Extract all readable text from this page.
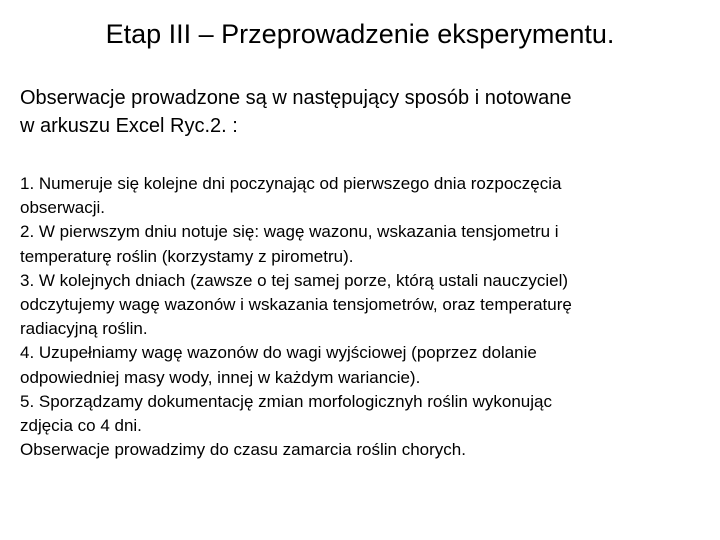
Etap III – Przeprowadzenie eksperymentu.
Obserwacje prowadzone są w następujący sposób i notowane
w arkuszu Excel Ryc.2. :
1. Numeruje się kolejne dni poczynając od pierwszego dnia rozpoczęcia
obserwacji.
2. W pierwszym dniu notuje się: wagę wazonu, wskazania tensjometru i
temperaturę roślin (korzystamy z pirometru).
3. W kolejnych dniach (zawsze o tej samej porze, którą ustali nauczyciel)
odczytujemy wagę wazonów i wskazania tensjometrów, oraz temperaturę
radiacyjną roślin.
4. Uzupełniamy wagę wazonów do wagi wyjściowej (poprzez dolanie
odpowiedniej masy wody, innej w każdym wariancie).
5. Sporządzamy dokumentację zmian morfologicznyh roślin wykonując
zdjęcia co 4 dni.
Obserwacje prowadzimy do czasu zamarcia roślin chorych.
